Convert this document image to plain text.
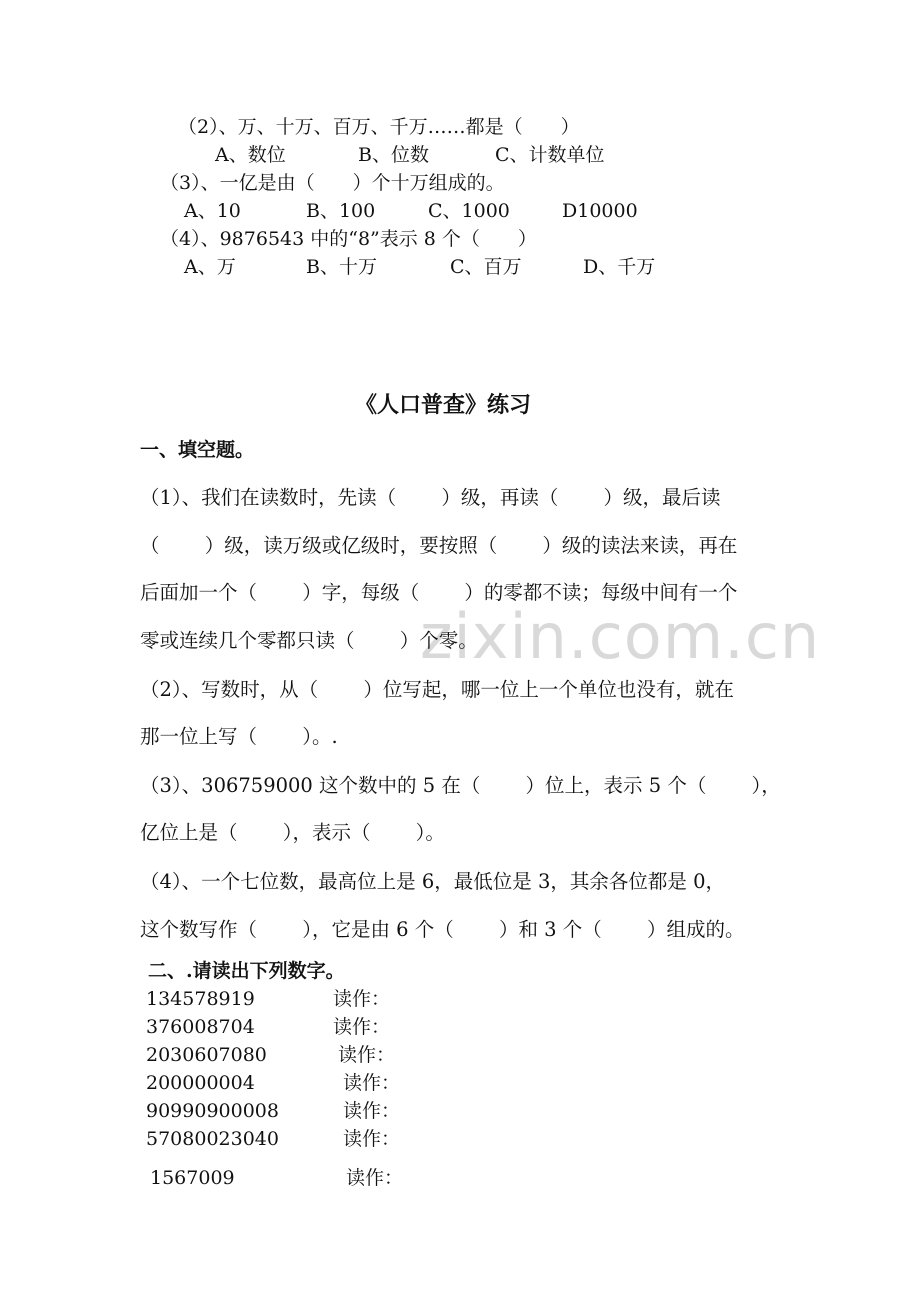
zixin.com.cn
（2）、万、十万、百万、千万……都是（　　）
A、数位	B、位数	C、计数单位
（3）、一亿是由（　　）个十万组成的。
A、10	B、100	C、1000	D10000
（4）、9876543 中的“8”表示 8 个（　　）
A、万	B、十万	C、百万	D、千万
《人口普查》练习
一、填空题。
（1）、我们在读数时，先读（　　 ）级，再读（　　 ）级，最后读
（　　 ）级，读万级或亿级时，要按照（　　 ）级的读法来读，再在
后面加一个（　　 ）字，每级（　　 ）的零都不读；每级中间有一个
零或连续几个零都只读（　　 ）个零。
（2）、写数时，从（　　 ）位写起，哪一位上一个单位也没有，就在
那一位上写（　　 ）。.
（3）、306759000 这个数中的 5 在（　　 ）位上，表示 5 个（　　 ），
亿位上是（　　 ），表示（　　 ）。
（4）、一个七位数，最高位上是 6，最低位是 3，其余各位都是 0，
这个数写作（　　 ），它是由 6 个（　　 ）和 3 个（　　 ）组成的。
二、.请读出下列数字。
134578919	读作：
376008704	读作：
2030607080	读作：
200000004	读作：
90990900008	读作：
57080023040	读作：
1567009	读作：
